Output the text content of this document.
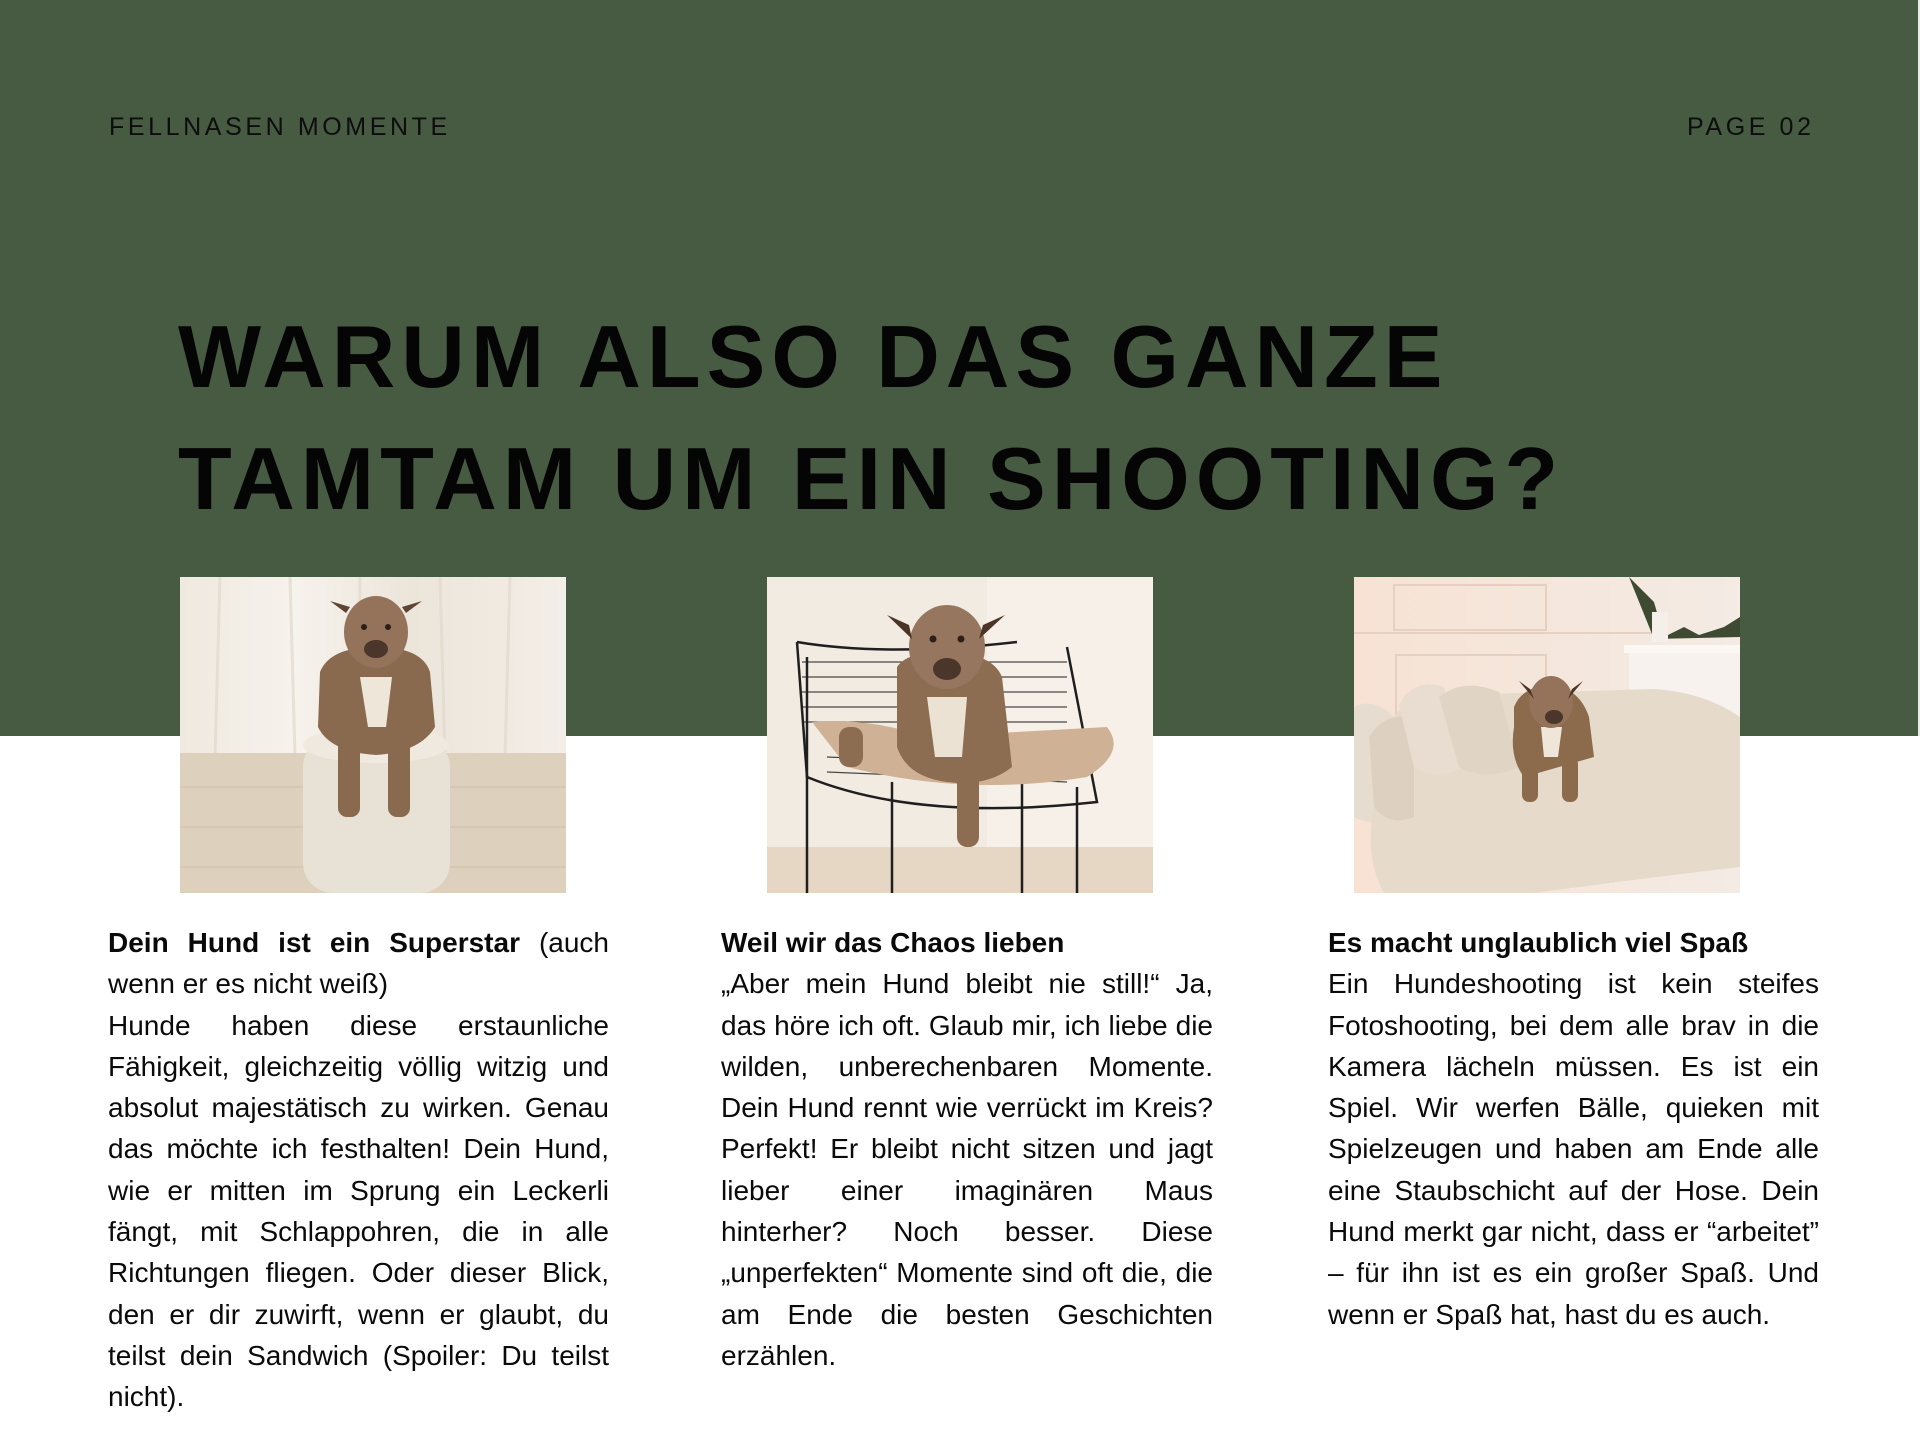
FELLNASEN MOMENTE	PAGE 02
WARUM ALSO DAS GANZE
TAMTAM UM EIN SHOOTING?

Dein Hund ist ein Superstar (auch wenn er es nicht weiß)

Hunde haben diese erstaunliche Fähigkeit, gleichzeitig völlig witzig und absolut majestätisch zu wirken. Genau das möchte ich festhalten! Dein Hund, wie er mitten im Sprung ein Leckerli fängt, mit Schlappohren, die in alle Richtungen fliegen. Oder dieser Blick, den er dir zuwirft, wenn er glaubt, du teilst dein Sandwich (Spoiler: Du teilst nicht).

Weil wir das Chaos lieben

„Aber mein Hund bleibt nie still!“ Ja, das höre ich oft. Glaub mir, ich liebe die wilden, unberechenbaren Momente. Dein Hund rennt wie verrückt im Kreis? Perfekt! Er bleibt nicht sitzen und jagt lieber einer imaginären Maus hinterher? Noch besser. Diese „unperfekten“ Momente sind oft die, die am Ende die besten Geschichten erzählen.

Es macht unglaublich viel Spaß

Ein Hundeshooting ist kein steifes Fotoshooting, bei dem alle brav in die Kamera lächeln müssen. Es ist ein Spiel. Wir werfen Bälle, quieken mit Spielzeugen und haben am Ende alle eine Staubschicht auf der Hose. Dein Hund merkt gar nicht, dass er “arbeitet” – für ihn ist es ein großer Spaß. Und wenn er Spaß hat, hast du es auch.
